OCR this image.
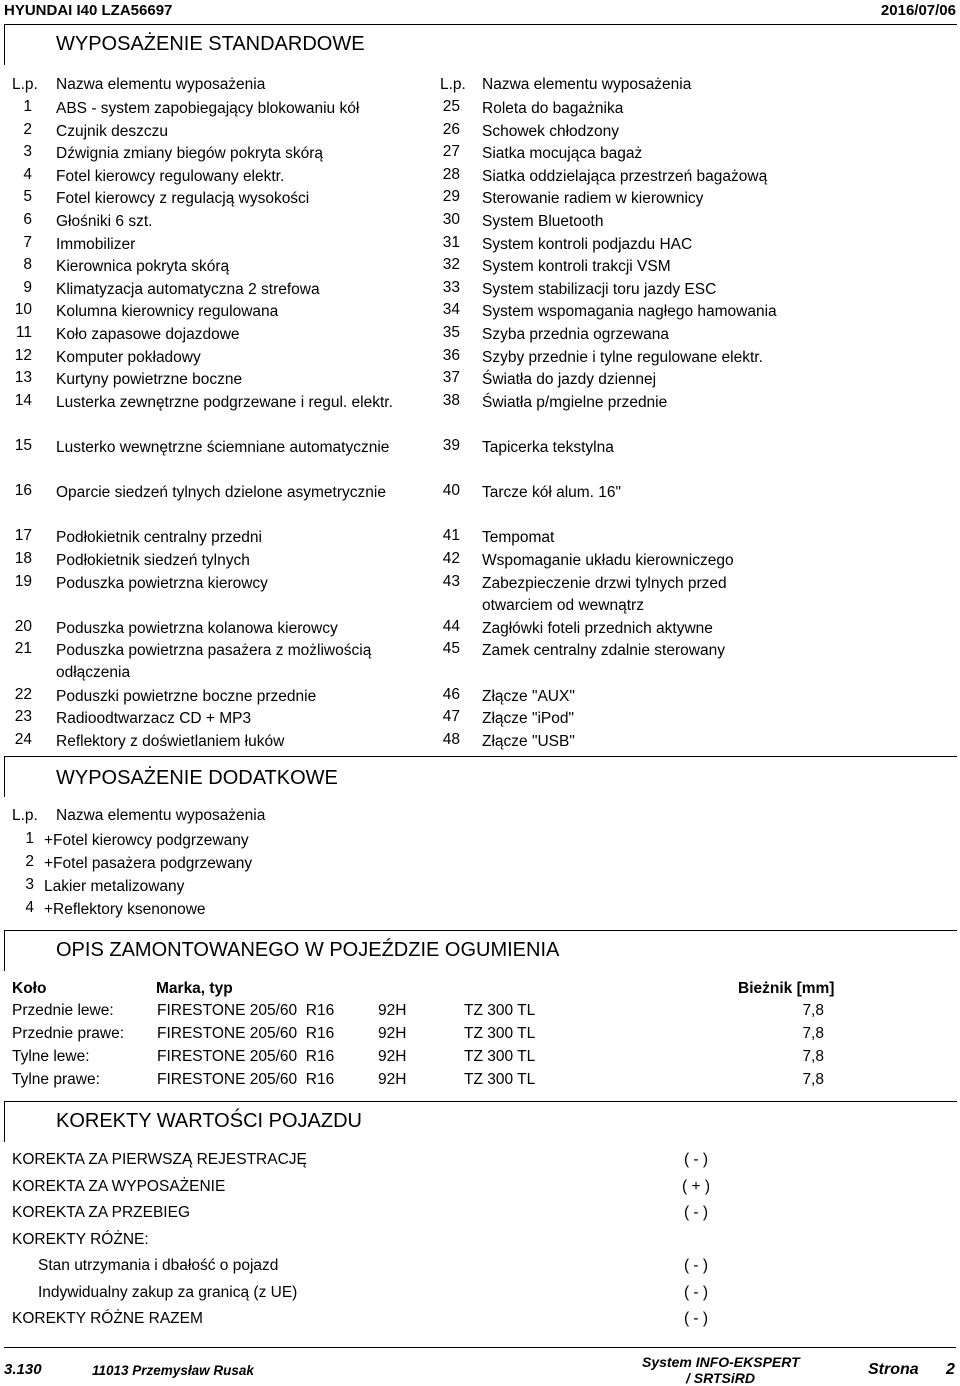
HYUNDAI I40 LZA56697	2016/07/06
WYPOSAŻENIE STANDARDOWE
L.p. Nazwa elementu wyposażenia	L.p. Nazwa elementu wyposażenia
1 ABS - system zapobiegający blokowaniu kół
2 Czujnik deszczu
3 Dźwignia zmiany biegów pokryta skórą
4 Fotel kierowcy regulowany elektr.
5 Fotel kierowcy z regulacją wysokości
6 Głośniki 6 szt.
7 Immobilizer
8 Kierownica pokryta skórą
9 Klimatyzacja automatyczna 2 strefowa
10 Kolumna kierownicy regulowana
11 Koło zapasowe dojazdowe
12 Komputer pokładowy
13 Kurtyny powietrzne boczne
14 Lusterka zewnętrzne podgrzewane i regul. elektr.
15 Lusterko wewnętrzne ściemniane automatycznie
16 Oparcie siedzeń tylnych dzielone asymetrycznie
17 Podłokietnik centralny przedni
18 Podłokietnik siedzeń tylnych
19 Poduszka powietrzna kierowcy
20 Poduszka powietrzna kolanowa kierowcy
21 Poduszka powietrzna pasażera z możliwością odłączenia
22 Poduszki powietrzne boczne przednie
23 Radioodtwarzacz CD + MP3
24 Reflektory z doświetlaniem łuków
25 Roleta do bagażnika
26 Schowek chłodzony
27 Siatka mocująca bagaż
28 Siatka oddzielająca przestrzeń bagażową
29 Sterowanie radiem w kierownicy
30 System Bluetooth
31 System kontroli podjazdu HAC
32 System kontroli trakcji VSM
33 System stabilizacji toru jazdy ESC
34 System wspomagania nagłego hamowania
35 Szyba przednia ogrzewana
36 Szyby przednie i tylne regulowane elektr.
37 Światła do jazdy dziennej
38 Światła p/mgielne przednie
39 Tapicerka tekstylna
40 Tarcze kół alum. 16"
41 Tempomat
42 Wspomaganie układu kierowniczego
43 Zabezpieczenie drzwi tylnych przed otwarciem od wewnątrz
44 Zagłówki foteli przednich aktywne
45 Zamek centralny zdalnie sterowany
46 Złącze "AUX"
47 Złącze "iPod"
48 Złącze "USB"
WYPOSAŻENIE DODATKOWE
L.p. Nazwa elementu wyposażenia
1 +Fotel kierowcy podgrzewany
2 +Fotel pasażera podgrzewany
3 Lakier metalizowany
4 +Reflektory ksenonowe
OPIS ZAMONTOWANEGO W POJEŹDZIE OGUMIENIA
Koło	Marka, typ	Bieżnik [mm]
Przednie lewe:	FIRESTONE 205/60  R16	92H	TZ 300 TL	7,8
Przednie prawe: FIRESTONE 205/60  R16	92H	TZ 300 TL	7,8
Tylne lewe:	FIRESTONE 205/60  R16	92H	TZ 300 TL	7,8
Tylne prawe:	FIRESTONE 205/60  R16	92H	TZ 300 TL	7,8
KOREKTY WARTOŚCI POJAZDU
KOREKTA ZA PIERWSZĄ REJESTRACJĘ	( - )
KOREKTA ZA WYPOSAŻENIE	( + )
KOREKTA ZA PRZEBIEG	( - )
KOREKTY RÓŻNE:
Stan utrzymania i dbałość o pojazd	( - )
Indywidualny zakup za granicą (z UE)	( - )
KOREKTY RÓŻNE RAZEM	( - )
3.130	11013 Przemysław Rusak
System INFO-EKSPERT
/ SRTSiRD	Strona 2
